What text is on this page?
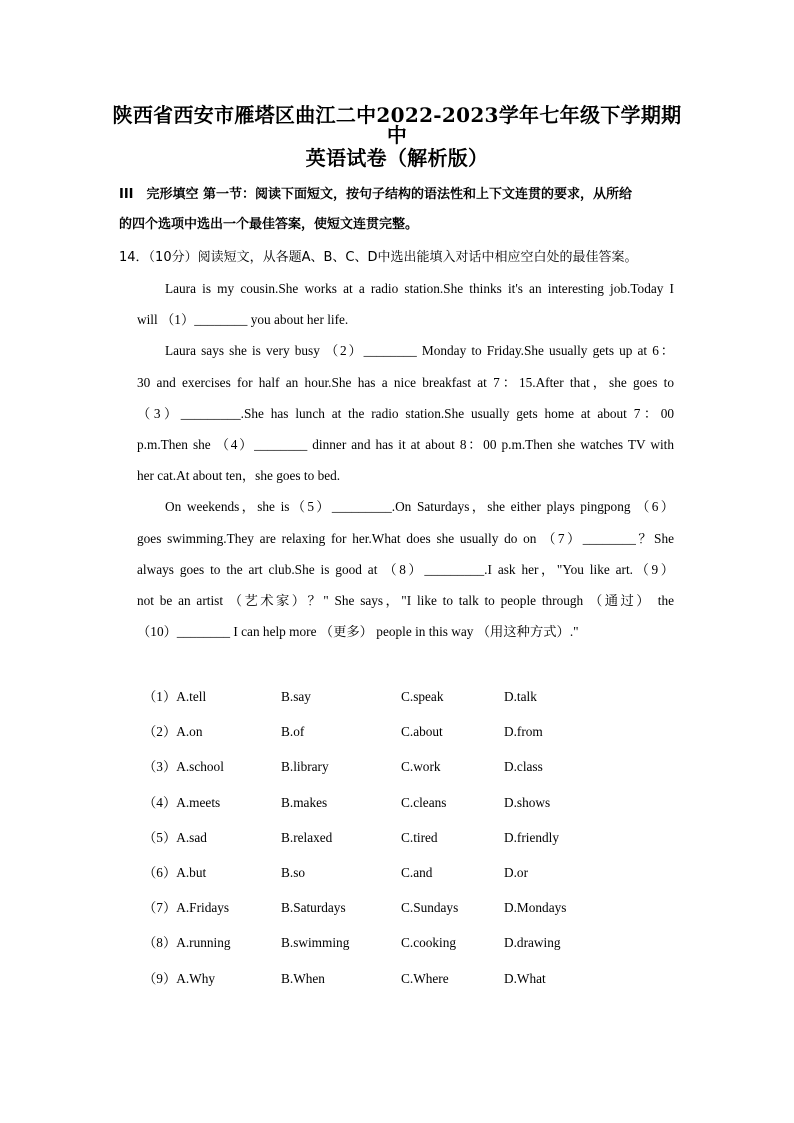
陕西省西安市雁塔区曲江二中2022-2023学年七年级下学期期中
英语试卷（解析版）
III　完形填空 第一节：阅读下面短文，按句子结构的语法性和上下文连贯的要求，从所给
的四个选项中选出一个最佳答案，使短文连贯完整。
14．（10分）阅读短文，从各题A、B、C、D中选出能填入对话中相应空白处的最佳答案。
Laura is my cousin.She works at a radio station.She thinks it's an interesting job.Today I
will （1）________ you about her life.
Laura says she is very busy （2）________ Monday to Friday.She usually gets up at 6：
30 and exercises for half an hour.She has a nice breakfast at 7：15.After that，she goes to
（3）_________.She has lunch at the radio station.She usually gets home at about 7：00
p.m.Then she （4）________ dinner and has it at about 8：00 p.m.Then she watches TV with
her cat.At about ten，she goes to bed.
On weekends，she is（5）_________.On Saturdays，she either plays pingpong （6）
goes swimming.They are relaxing for her.What does she usually do on （7）________？She
always goes to the art club.She is good at （8）_________.I ask her，"You like art.（9）
not be an artist （艺术家）？" She says，"I like to talk to people through （通过） the
（10）________ I can help more （更多） people in this way （用这种方式）."
（1）A.tell	B.say	C.speak	D.talk
（2）A.on	B.of	C.about	D.from
（3）A.school	B.library	C.work	D.class
（4）A.meets	B.makes	C.cleans	D.shows
（5）A.sad	B.relaxed	C.tired	D.friendly
（6）A.but	B.so	C.and	D.or
（7）A.Fridays	B.Saturdays	C.Sundays	D.Mondays
（8）A.running	B.swimming	C.cooking	D.drawing
（9）A.Why	B.When	C.Where	D.What
